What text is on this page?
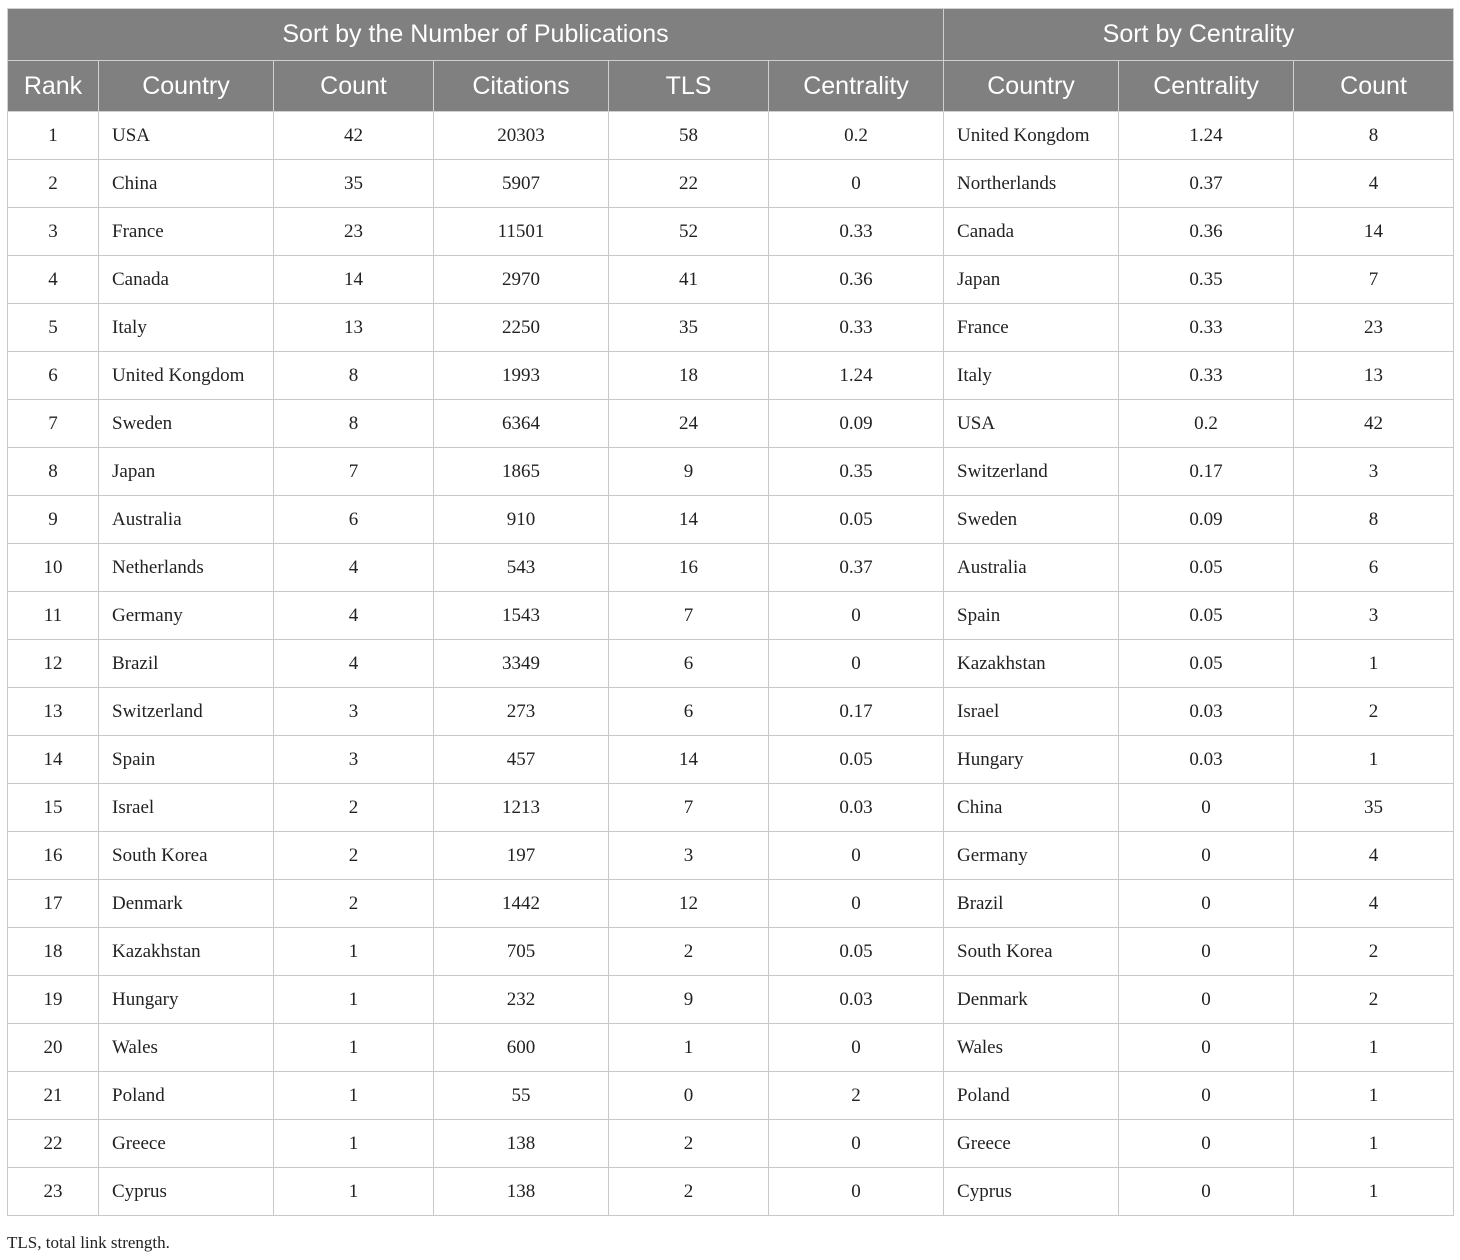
Sort by the Number of Publications						Sort by Centrality		
Rank	Country	Count	Citations	TLS	Centrality	Country	Centrality	Count
1	USA	42	20303	58	0.2	United Kongdom	1.24	8
2	China	35	5907	22	0	Northerlands	0.37	4
3	France	23	11501	52	0.33	Canada	0.36	14
4	Canada	14	2970	41	0.36	Japan	0.35	7
5	Italy	13	2250	35	0.33	France	0.33	23
6	United Kongdom	8	1993	18	1.24	Italy	0.33	13
7	Sweden	8	6364	24	0.09	USA	0.2	42
8	Japan	7	1865	9	0.35	Switzerland	0.17	3
9	Australia	6	910	14	0.05	Sweden	0.09	8
10	Netherlands	4	543	16	0.37	Australia	0.05	6
11	Germany	4	1543	7	0	Spain	0.05	3
12	Brazil	4	3349	6	0	Kazakhstan	0.05	1
13	Switzerland	3	273	6	0.17	Israel	0.03	2
14	Spain	3	457	14	0.05	Hungary	0.03	1
15	Israel	2	1213	7	0.03	China	0	35
16	South Korea	2	197	3	0	Germany	0	4
17	Denmark	2	1442	12	0	Brazil	0	4
18	Kazakhstan	1	705	2	0.05	South Korea	0	2
19	Hungary	1	232	9	0.03	Denmark	0	2
20	Wales	1	600	1	0	Wales	0	1
21	Poland	1	55	0	2	Poland	0	1
22	Greece	1	138	2	0	Greece	0	1
23	Cyprus	1	138	2	0	Cyprus	0	1
TLS, total link strength.
